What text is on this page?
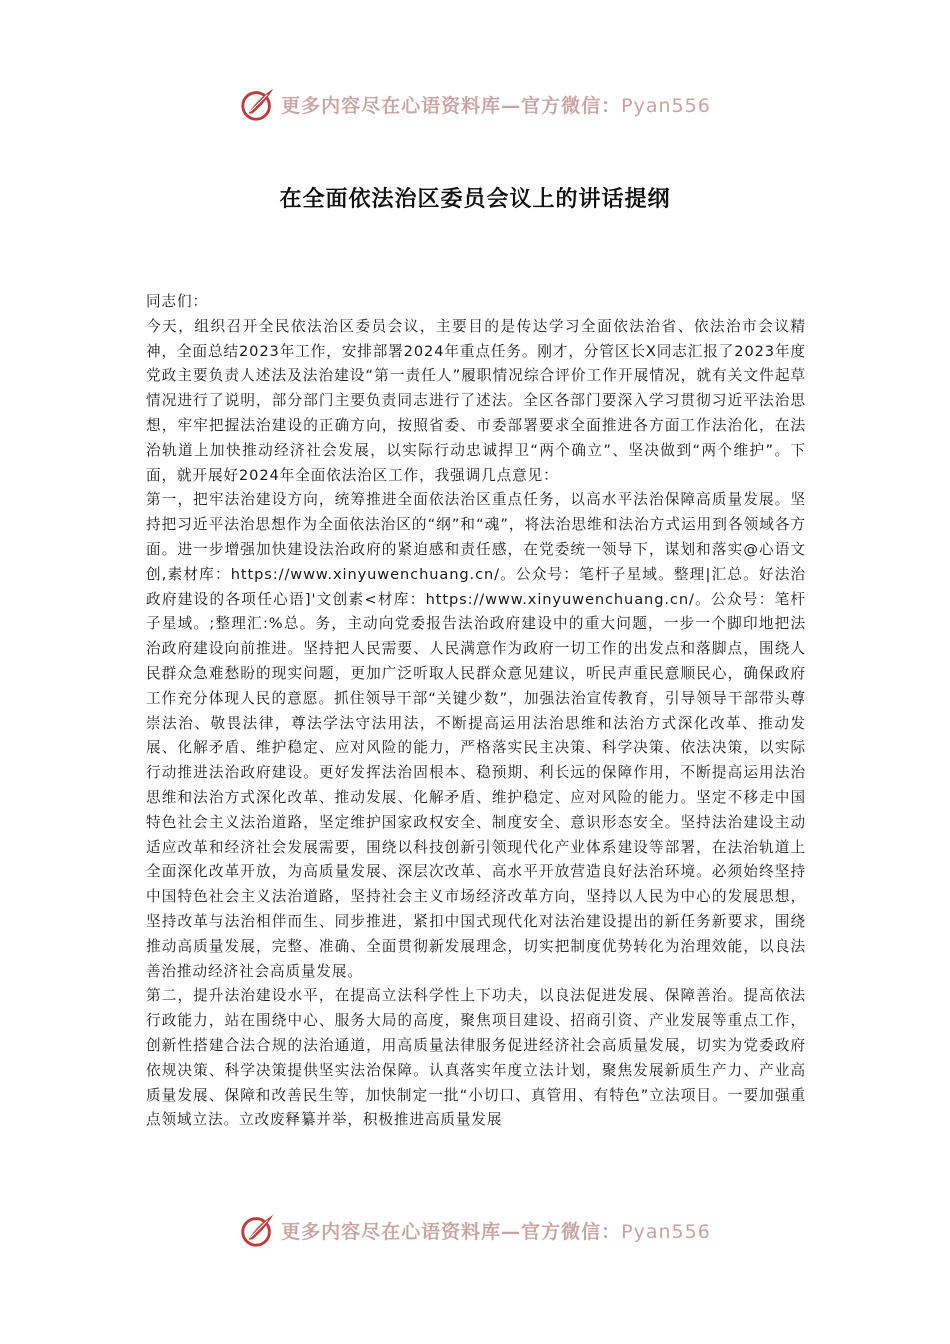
更多内容尽在心语资料库—官方微信：Pyan556
在全面依法治区委员会议上的讲话提纲

同志们：

今天，组织召开全民依法治区委员会议，主要目的是传达学习全面依法治省、依法治市会议精神，全面总结2023年工作，安排部署2024年重点任务。刚才，分管区长X同志汇报了2023年度党政主要负责人述法及法治建设“第一责任人”履职情况综合评价工作开展情况，就有关文件起草情况进行了说明，部分部门主要负责同志进行了述法。全区各部门要深入学习贯彻习近平法治思想，牢牢把握法治建设的正确方向，按照省委、市委部署要求全面推进各方面工作法治化，在法治轨道上加快推动经济社会发展，以实际行动忠诚捍卫“两个确立”、坚决做到“两个维护”。下面，就开展好2024年全面依法治区工作，我强调几点意见：

第一，把牢法治建设方向，统筹推进全面依法治区重点任务，以高水平法治保障高质量发展。坚持把习近平法治思想作为全面依法治区的“纲”和“魂”，将法治思维和法治方式运用到各领域各方面。进一步增强加快建设法治政府的紧迫感和责任感，在党委统一领导下，谋划和落实@心语文创,素材库：https://www.xinyuwenchuang.cn/。公众号：笔杆子星域。整理|汇总。好法治政府建设的各项任心语]'文创素<材库：https://www.xinyuwenchuang.cn/。公众号：笔杆子星域。;整理汇:%总。务，主动向党委报告法治政府建设中的重大问题，一步一个脚印地把法治政府建设向前推进。坚持把人民需要、人民满意作为政府一切工作的出发点和落脚点，围绕人民群众急难愁盼的现实问题，更加广泛听取人民群众意见建议，听民声重民意顺民心，确保政府工作充分体现人民的意愿。抓住领导干部“关键少数”，加强法治宣传教育，引导领导干部带头尊崇法治、敬畏法律，尊法学法守法用法，不断提高运用法治思维和法治方式深化改革、推动发展、化解矛盾、维护稳定、应对风险的能力，严格落实民主决策、科学决策、依法决策，以实际行动推进法治政府建设。更好发挥法治固根本、稳预期、利长远的保障作用，不断提高运用法治思维和法治方式深化改革、推动发展、化解矛盾、维护稳定、应对风险的能力。坚定不移走中国特色社会主义法治道路，坚定维护国家政权安全、制度安全、意识形态安全。坚持法治建设主动适应改革和经济社会发展需要，围绕以科技创新引领现代化产业体系建设等部署，在法治轨道上全面深化改革开放，为高质量发展、深层次改革、高水平开放营造良好法治环境。必须始终坚持中国特色社会主义法治道路，坚持社会主义市场经济改革方向，坚持以人民为中心的发展思想，坚持改革与法治相伴而生、同步推进，紧扣中国式现代化对法治建设提出的新任务新要求，围绕推动高质量发展，完整、准确、全面贯彻新发展理念，切实把制度优势转化为治理效能，以良法善治推动经济社会高质量发展。

第二，提升法治建设水平，在提高立法科学性上下功夫，以良法促进发展、保障善治。提高依法行政能力，站在围绕中心、服务大局的高度，聚焦项目建设、招商引资、产业发展等重点工作，创新性搭建合法合规的法治通道，用高质量法律服务促进经济社会高质量发展，切实为党委政府依规决策、科学决策提供坚实法治保障。认真落实年度立法计划，聚焦发展新质生产力、产业高质量发展、保障和改善民生等，加快制定一批“小切口、真管用、有特色”立法项目。一要加强重点领域立法。立改废释纂并举，积极推进高质量发展

更多内容尽在心语资料库—官方微信：Pyan556
